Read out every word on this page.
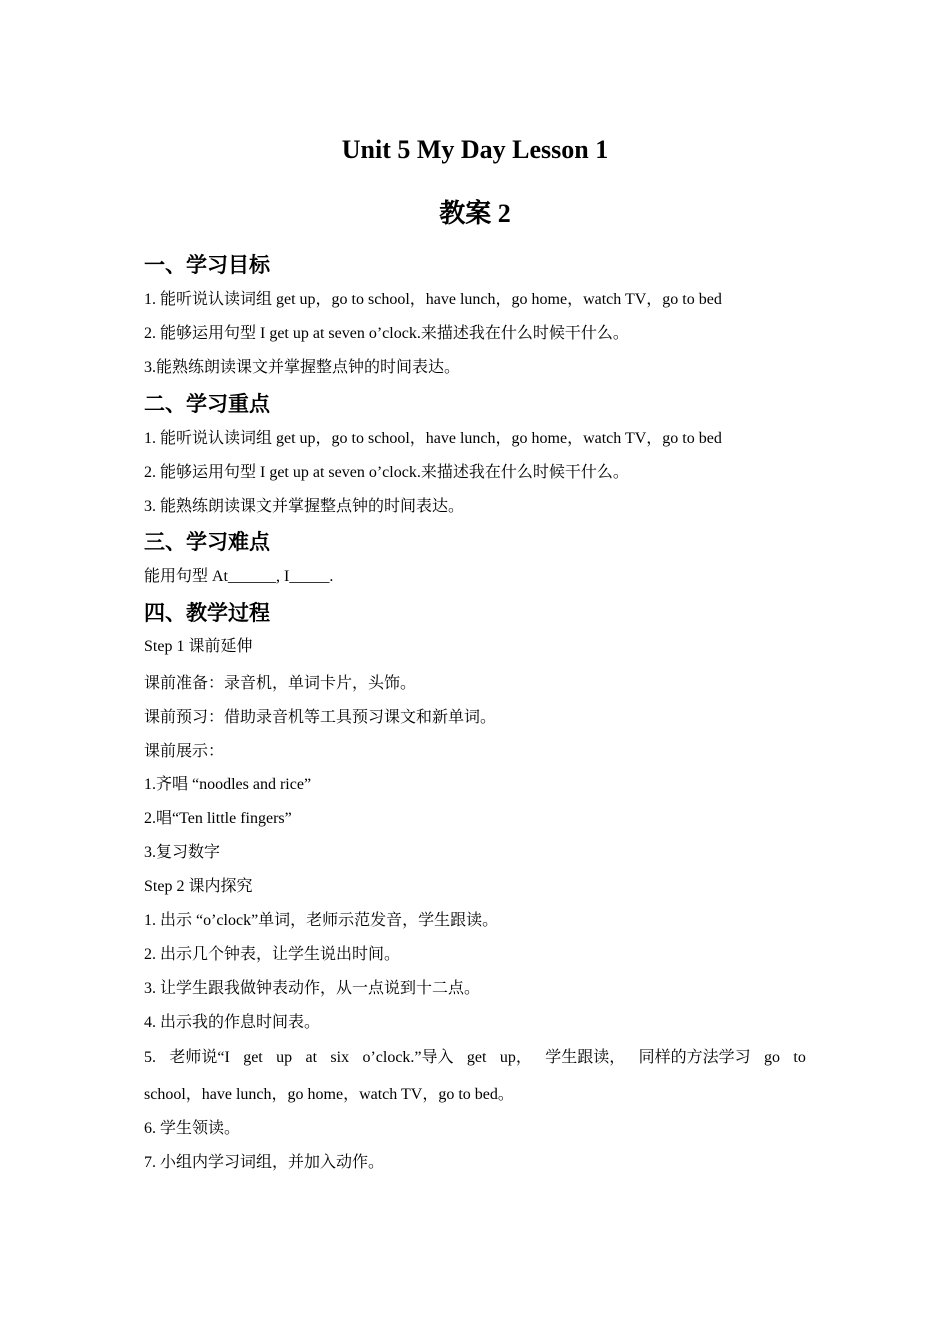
Unit 5 My Day Lesson 1
教案 2
一、学习目标
1. 能听说认读词组 get up，go to school，have lunch，go home，watch TV，go to bed
2. 能够运用句型 I get up at seven o’clock.来描述我在什么时候干什么。
3.能熟练朗读课文并掌握整点钟的时间表达。
二、学习重点
1. 能听说认读词组 get up，go to school，have lunch，go home，watch TV，go to bed
2. 能够运用句型 I get up at seven o’clock.来描述我在什么时候干什么。
3. 能熟练朗读课文并掌握整点钟的时间表达。
三、学习难点
能用句型 At______, I_____.
四、教学过程
Step 1 课前延伸
课前准备：录音机，单词卡片，头饰。
课前预习：借助录音机等工具预习课文和新单词。
课前展示：
1.齐唱 “noodles and rice”
2.唱“Ten little fingers”
3.复习数字
Step 2 课内探究
1. 出示 “o’clock”单词，老师示范发音，学生跟读。
2. 出示几个钟表，让学生说出时间。
3. 让学生跟我做钟表动作，从一点说到十二点。
4. 出示我的作息时间表。
5. 老师说“I get up at six o’clock.”导入 get up， 学生跟读， 同样的方法学习 go to
school，have lunch，go home，watch TV，go to bed。
6. 学生领读。
7. 小组内学习词组，并加入动作。
